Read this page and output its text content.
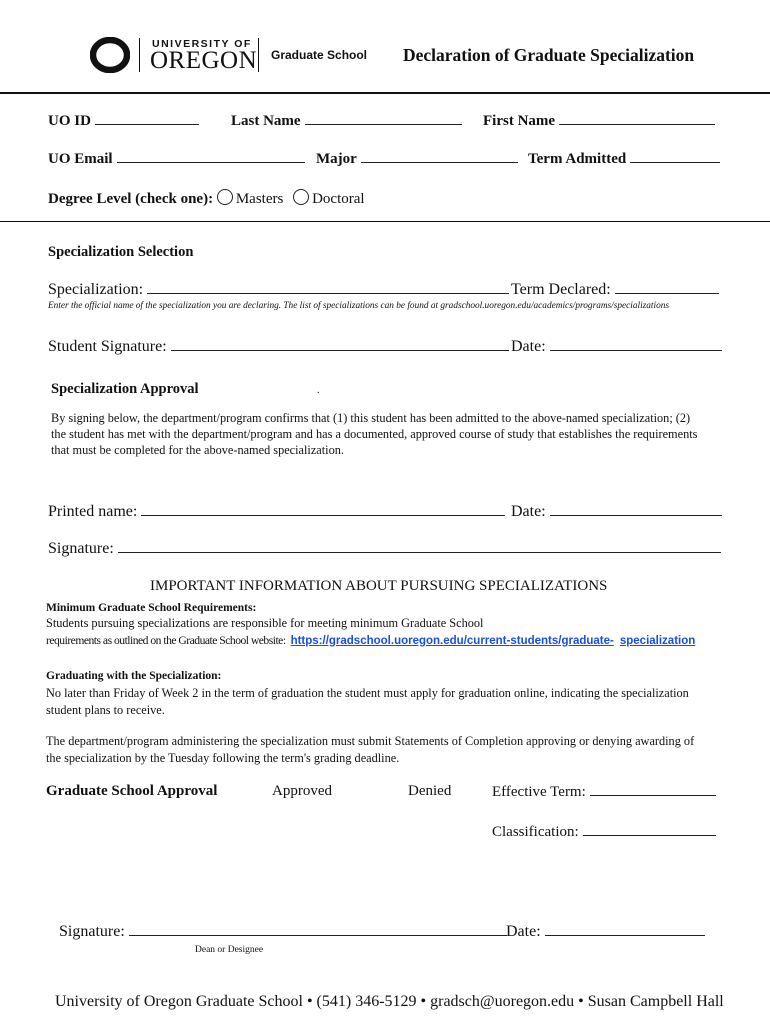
UNIVERSITY OF
OREGON Graduate School Declaration of Graduate Specialization
UO ID	Last Name	First Name
UO Email	Major	Term Admitted
Degree Level (check one): Masters Doctoral
Specialization Selection
Specialization:	Term Declared:
Enter the official name of the specialization you are declaring. The list of specializations can be found at gradschool.uoregon.edu/academics/programs/specializations
Student Signature:	Date:
Specialization Approval	.
By signing below, the department/program confirms that (1) this student has been admitted to the above-named specialization; (2)
the student has met with the department/program and has a documented, approved course of study that establishes the requirements
that must be completed for the above-named specialization.
Printed name:	Date:
Signature:
IMPORTANT INFORMATION ABOUT PURSUING SPECIALIZATIONS
Minimum Graduate School Requirements:
Students pursuing specializations are responsible for meeting minimum Graduate School
requirements as outlined on the Graduate School website: https://gradschool.uoregon.edu/current-students/graduate- specialization
Graduating with the Specialization:
No later than Friday of Week 2 in the term of graduation the student must apply for graduation online, indicating the specialization
student plans to receive.
The department/program administering the specialization must submit Statements of Completion approving or denying awarding of
the specialization by the Tuesday following the term's grading deadline.
Graduate School Approval	Approved	Denied	Effective Term:
Classification:
Signature:	Date:
Dean or Designee
University of Oregon Graduate School • (541) 346-5129 • gradsch@uoregon.edu • Susan Campbell Hall
